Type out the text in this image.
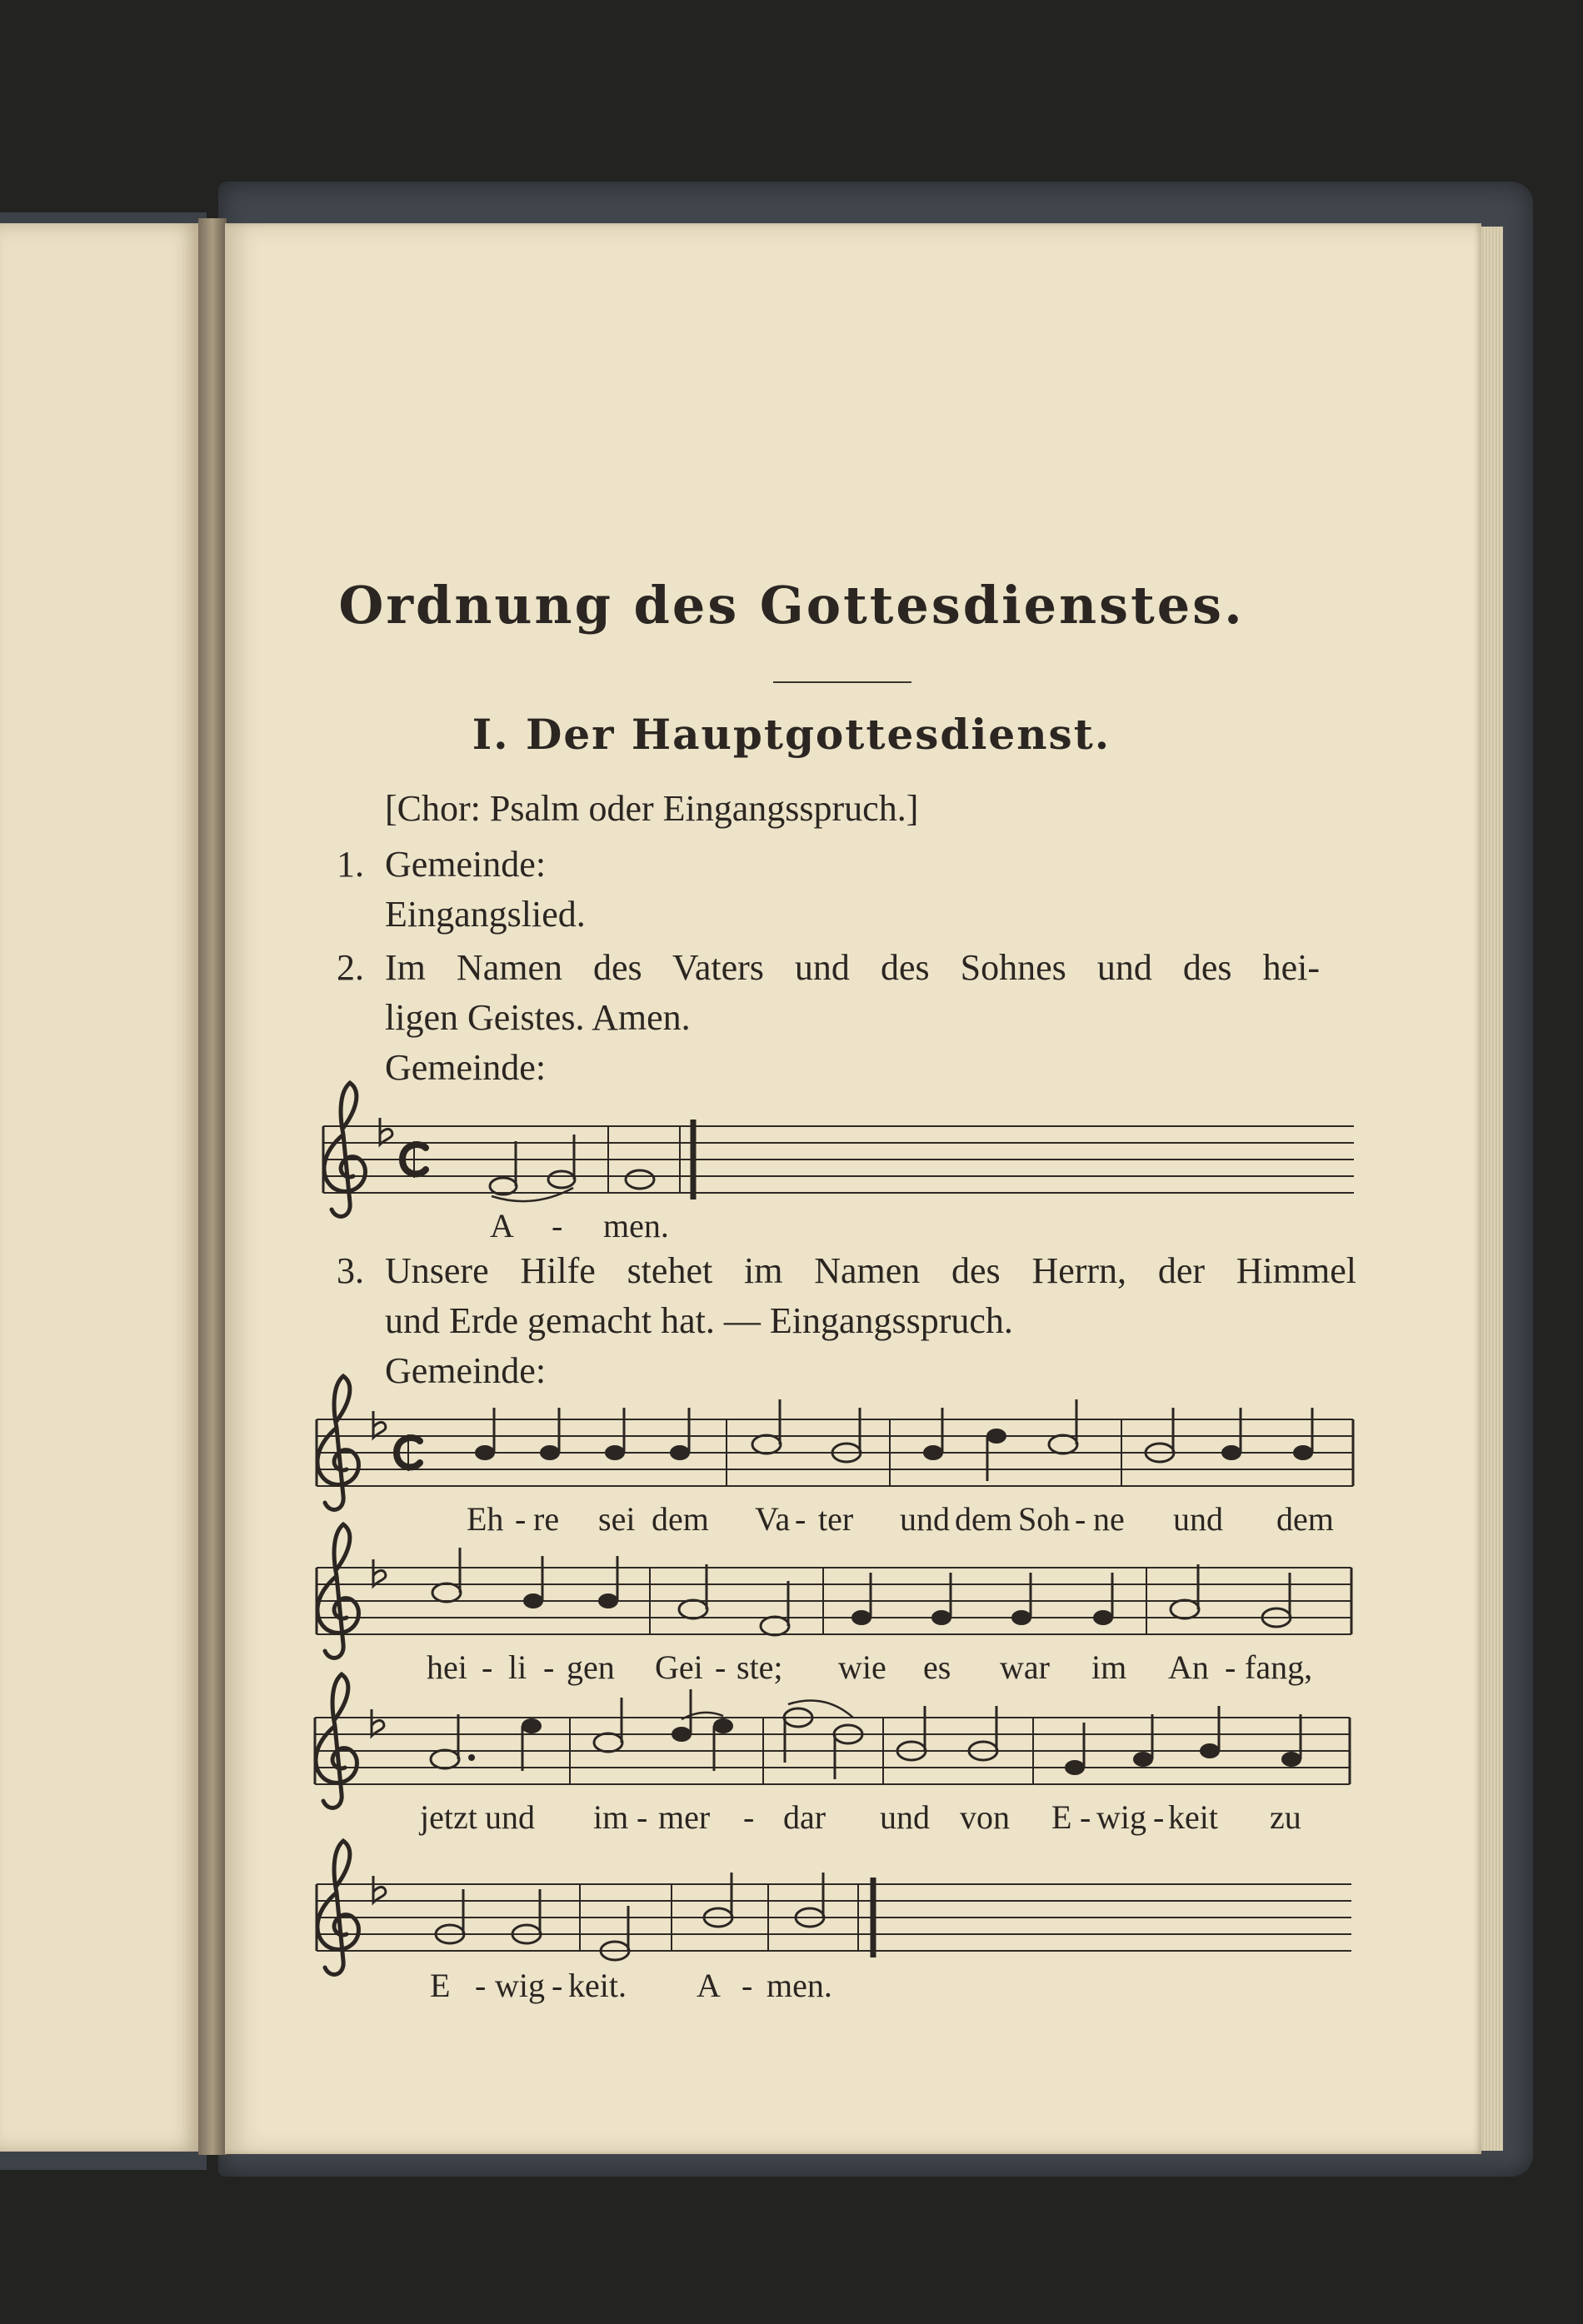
Ordnung des Gottesdienstes.
I. Der Hauptgottesdienst.
[Chor: Psalm oder Eingangsspruch.]
1. Gemeinde:
Eingangslied.
2. Im Namen des Vaters und des Sohnes und des hei-
ligen Geistes. Amen.
Gemeinde:
3. Unsere Hilfe stehet im Namen des Herrn, der Himmel
und Erde gemacht hat. — Eingangsspruch.
Gemeinde:
A - men.
Eh - re sei dem Va - ter und dem Soh - ne und dem
hei - li - gen Gei - ste; wie es war im An - fang,
jetzt und im - mer - dar und von E - wig - keit zu
E - wig - keit. A - men.
